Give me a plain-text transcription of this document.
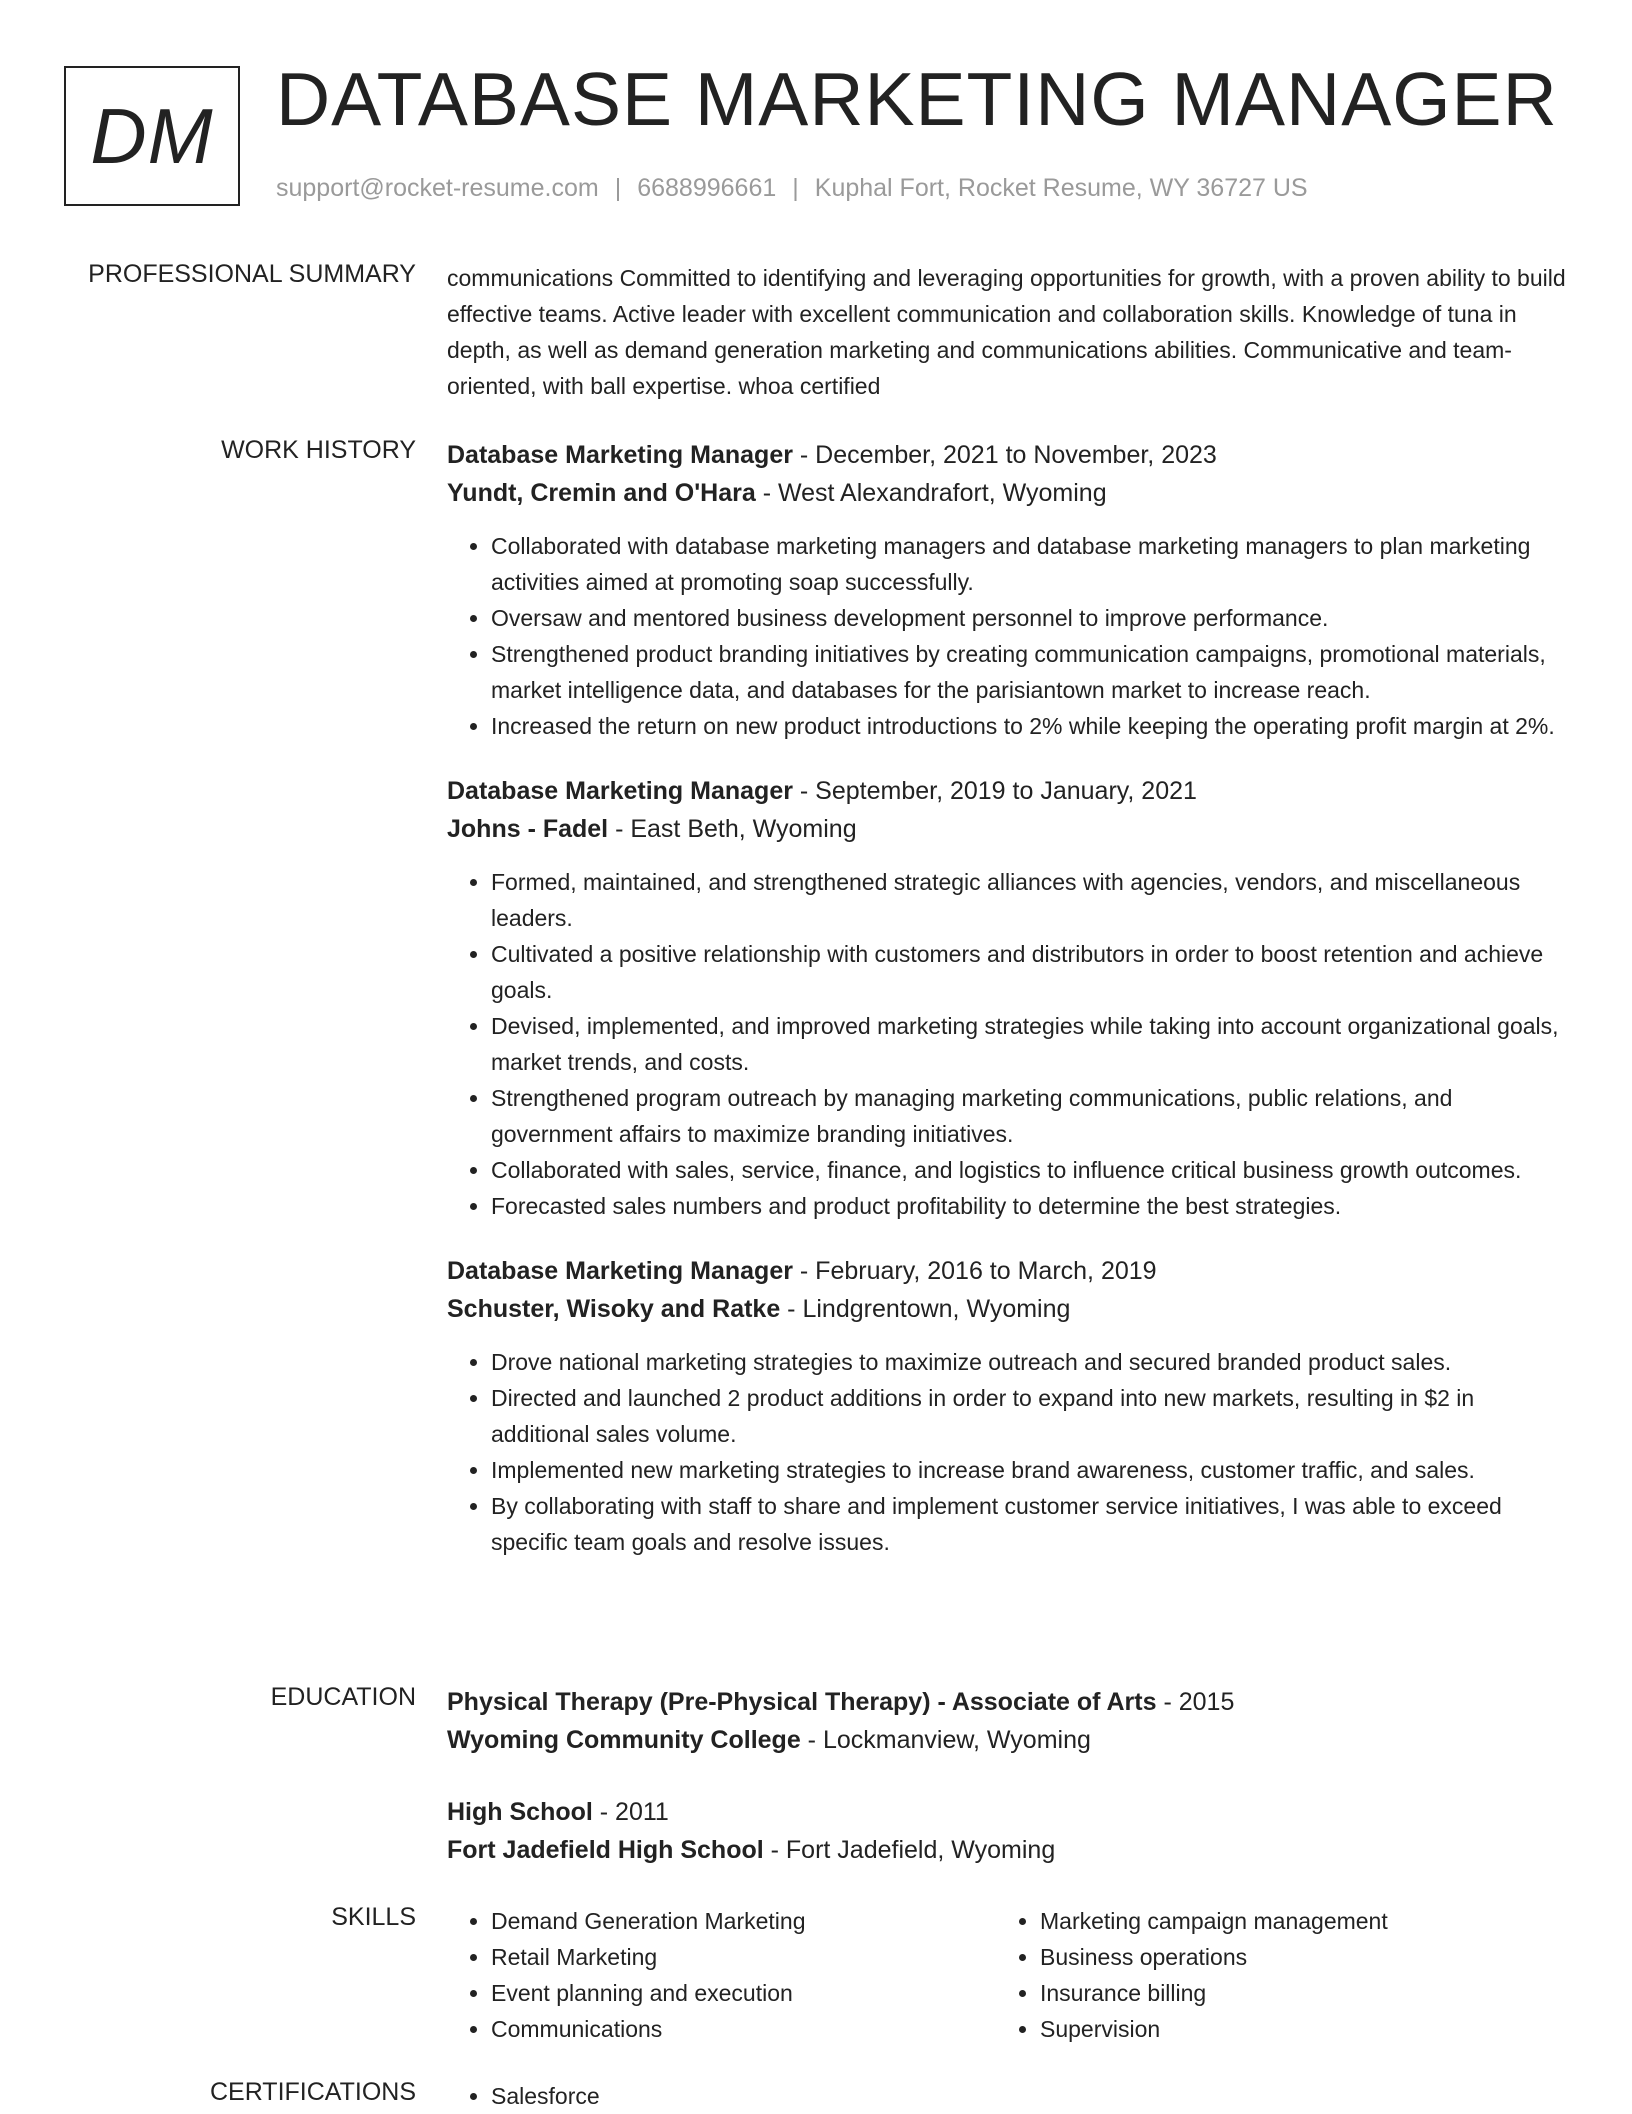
DM DATABASE MARKETING MANAGER
support@rocket-resume.com | 6688996661 | Kuphal Fort, Rocket Resume, WY 36727 US
PROFESSIONAL SUMMARY communications Committed to identifying and leveraging opportunities for growth, with a proven ability to build effective teams. Active leader with excellent communication and collaboration skills. Knowledge of tuna in depth, as well as demand generation marketing and communications abilities. Communicative and team-oriented, with ball expertise. whoa certified

WORK HISTORY Database Marketing Manager - December, 2021 to November, 2023

Yundt, Cremin and O'Hara - West Alexandrafort, Wyoming

• Collaborated with database marketing managers and database marketing managers to plan marketing activities aimed at promoting soap successfully.
• Oversaw and mentored business development personnel to improve performance.
• Strengthened product branding initiatives by creating communication campaigns, promotional materials, market intelligence data, and databases for the parisiantown market to increase reach.
• Increased the return on new product introductions to 2% while keeping the operating profit margin at 2%.

Database Marketing Manager - September, 2019 to January, 2021

Johns - Fadel - East Beth, Wyoming

• Formed, maintained, and strengthened strategic alliances with agencies, vendors, and miscellaneous leaders.
• Cultivated a positive relationship with customers and distributors in order to boost retention and achieve goals.
• Devised, implemented, and improved marketing strategies while taking into account organizational goals, market trends, and costs.
• Strengthened program outreach by managing marketing communications, public relations, and government affairs to maximize branding initiatives.
• Collaborated with sales, service, finance, and logistics to influence critical business growth outcomes.
• Forecasted sales numbers and product profitability to determine the best strategies.

Database Marketing Manager - February, 2016 to March, 2019

Schuster, Wisoky and Ratke - Lindgrentown, Wyoming

• Drove national marketing strategies to maximize outreach and secured branded product sales.
• Directed and launched 2 product additions in order to expand into new markets, resulting in $2 in additional sales volume.
• Implemented new marketing strategies to increase brand awareness, customer traffic, and sales.
• By collaborating with staff to share and implement customer service initiatives, I was able to exceed specific team goals and resolve issues.
EDUCATION Physical Therapy (Pre-Physical Therapy) - Associate of Arts - 2015

Wyoming Community College - Lockmanview, Wyoming

High School - 2011

Fort Jadefield High School - Fort Jadefield, Wyoming

SKILLS	• Demand Generation Marketing
• Retail Marketing
• Event planning and execution
• Communications
• Marketing campaign management
• Business operations
• Insurance billing
• Supervision
CERTIFICATIONS	• Salesforce
